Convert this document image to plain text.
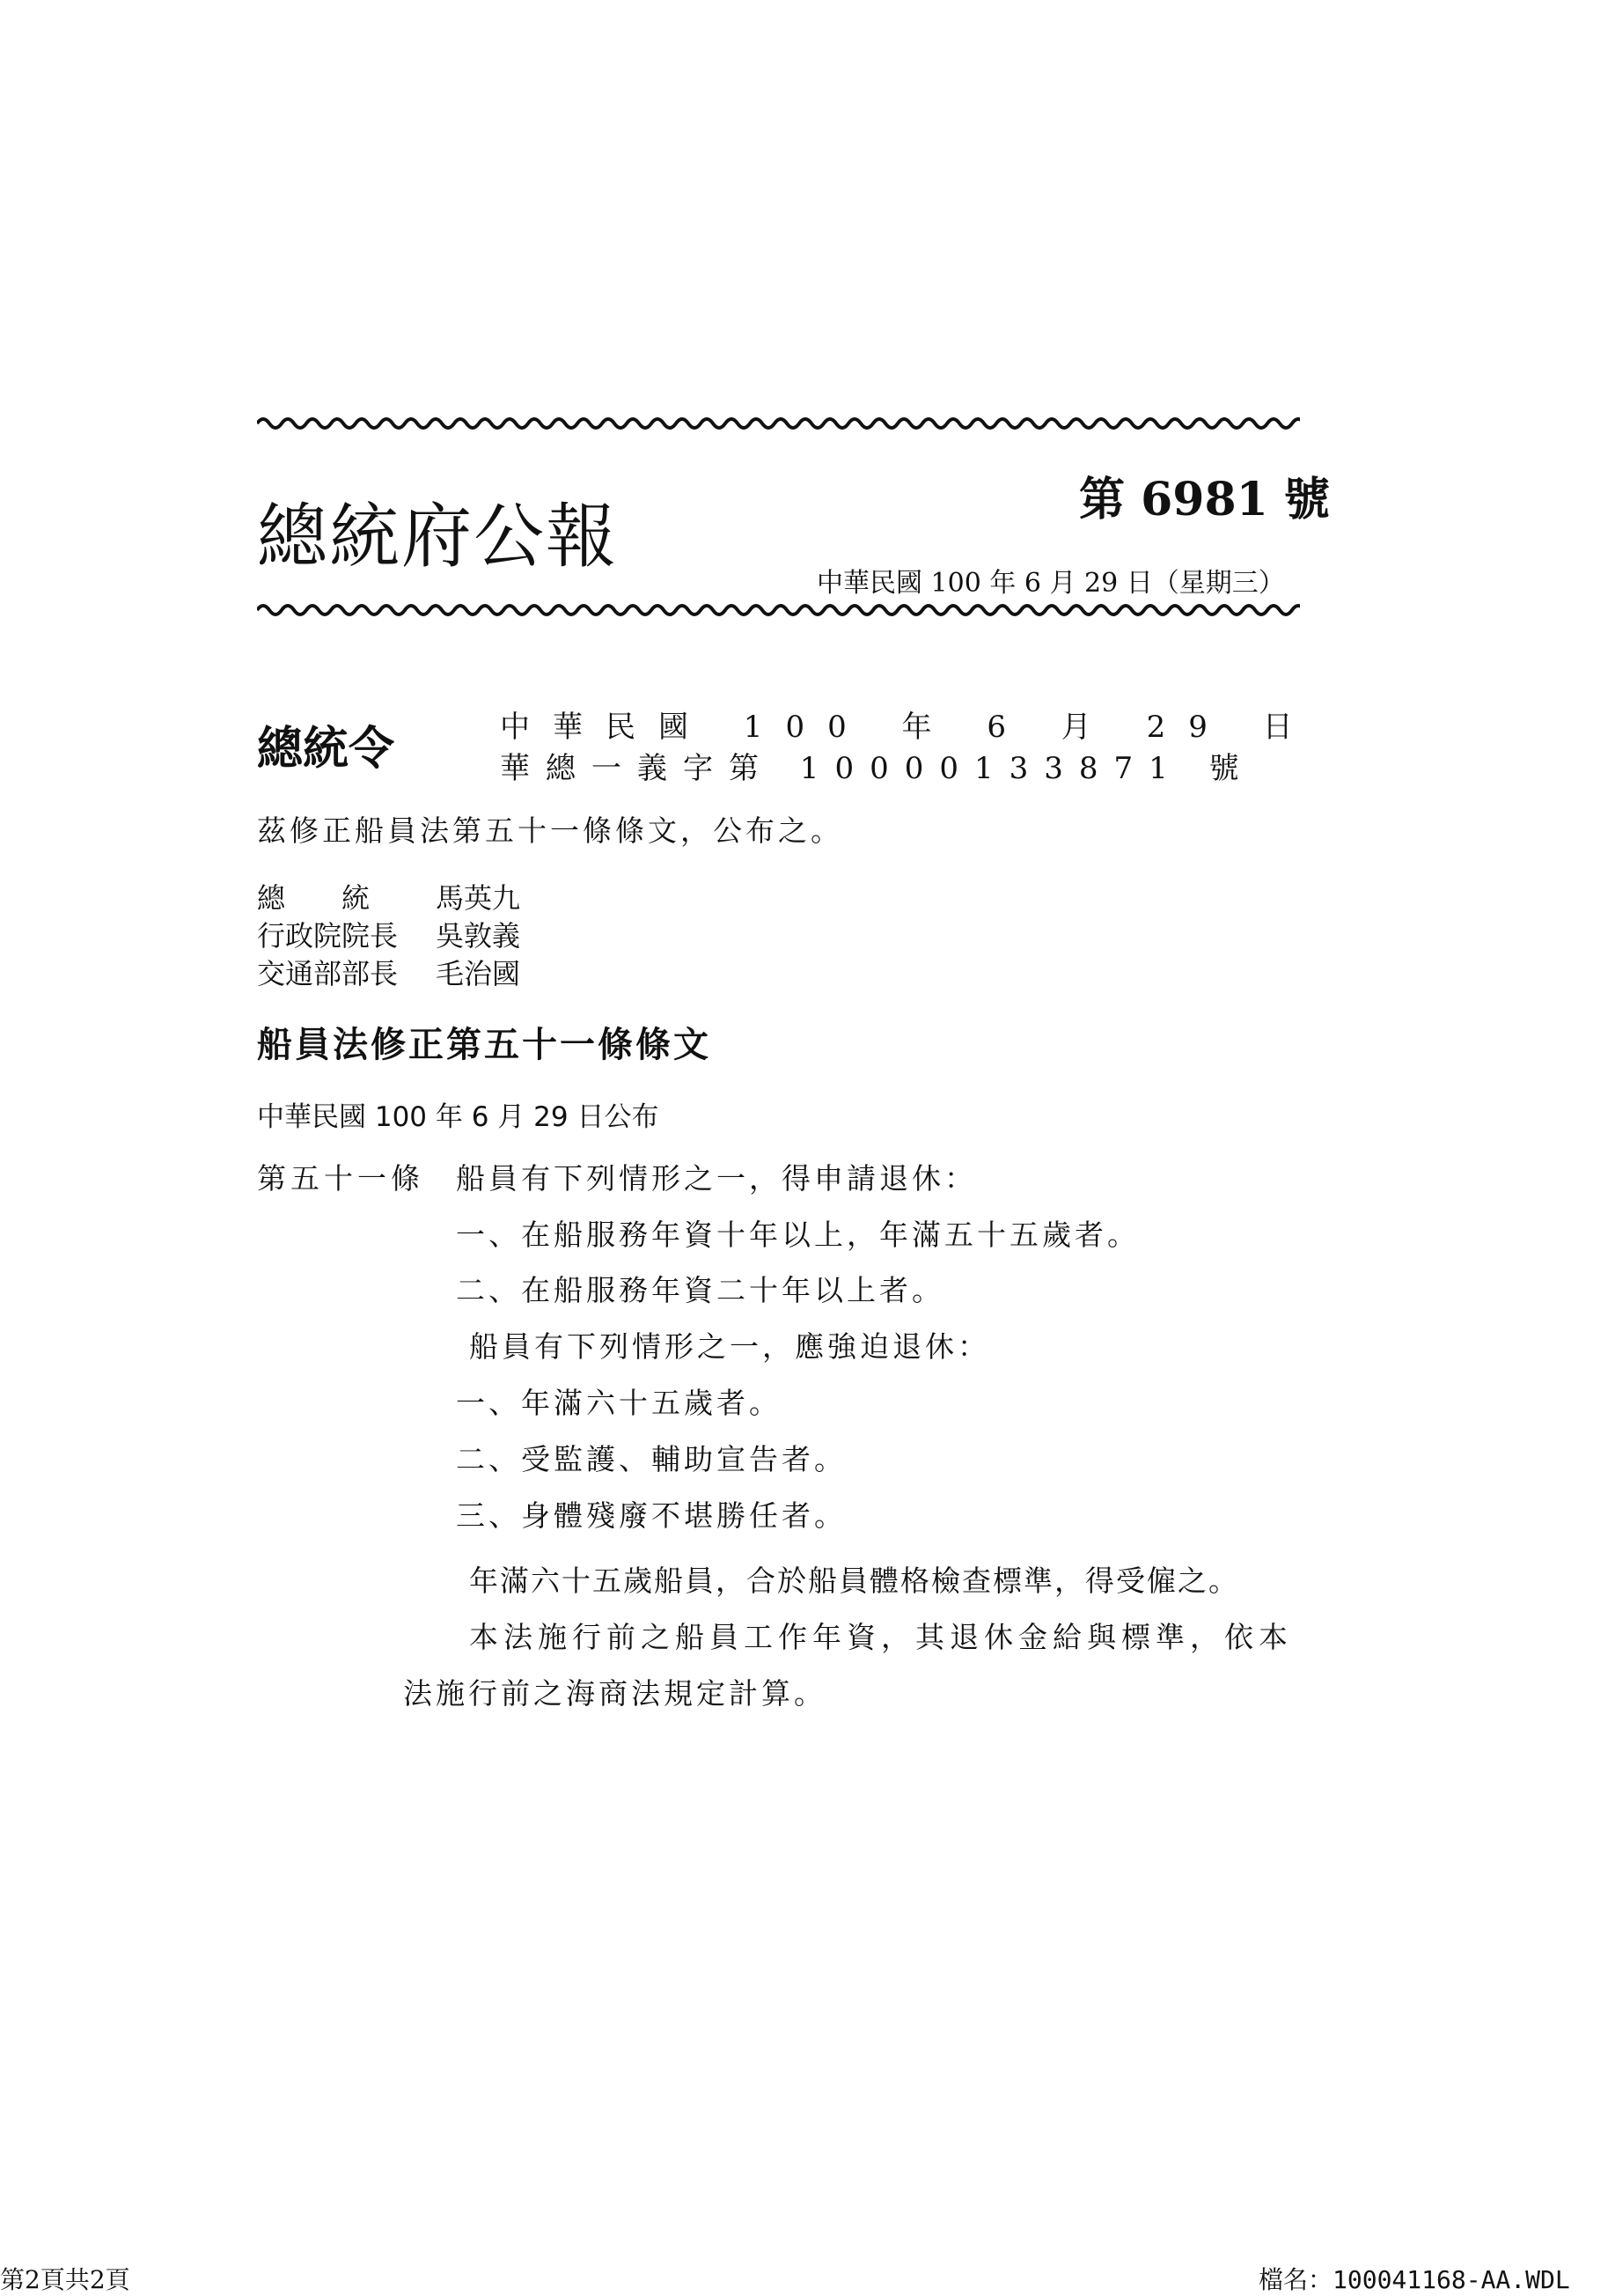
總統府公報	第 6981 號
中華民國 100 年 6 月 29 日（星期三）
總統令	中華民國 100 年 6 月 29 日
華總一義字第 10000133871 號
茲修正船員法第五十一條條文，公布之。
總　　統 馬英九
行政院院長 吳敦義
交通部部長 毛治國
船員法修正第五十一條條文
中華民國 100 年 6 月 29 日公布
第五十一條 船員有下列情形之一，得申請退休：
一、在船服務年資十年以上，年滿五十五歲者。
二、在船服務年資二十年以上者。
船員有下列情形之一，應強迫退休：
一、年滿六十五歲者。
二、受監護、輔助宣告者。
三、身體殘廢不堪勝任者。
年滿六十五歲船員，合於船員體格檢查標準，得受僱之。
本法施行前之船員工作年資，其退休金給與標準，依本
法施行前之海商法規定計算。
第2頁共2頁	檔名：100041168-AA.WDL
